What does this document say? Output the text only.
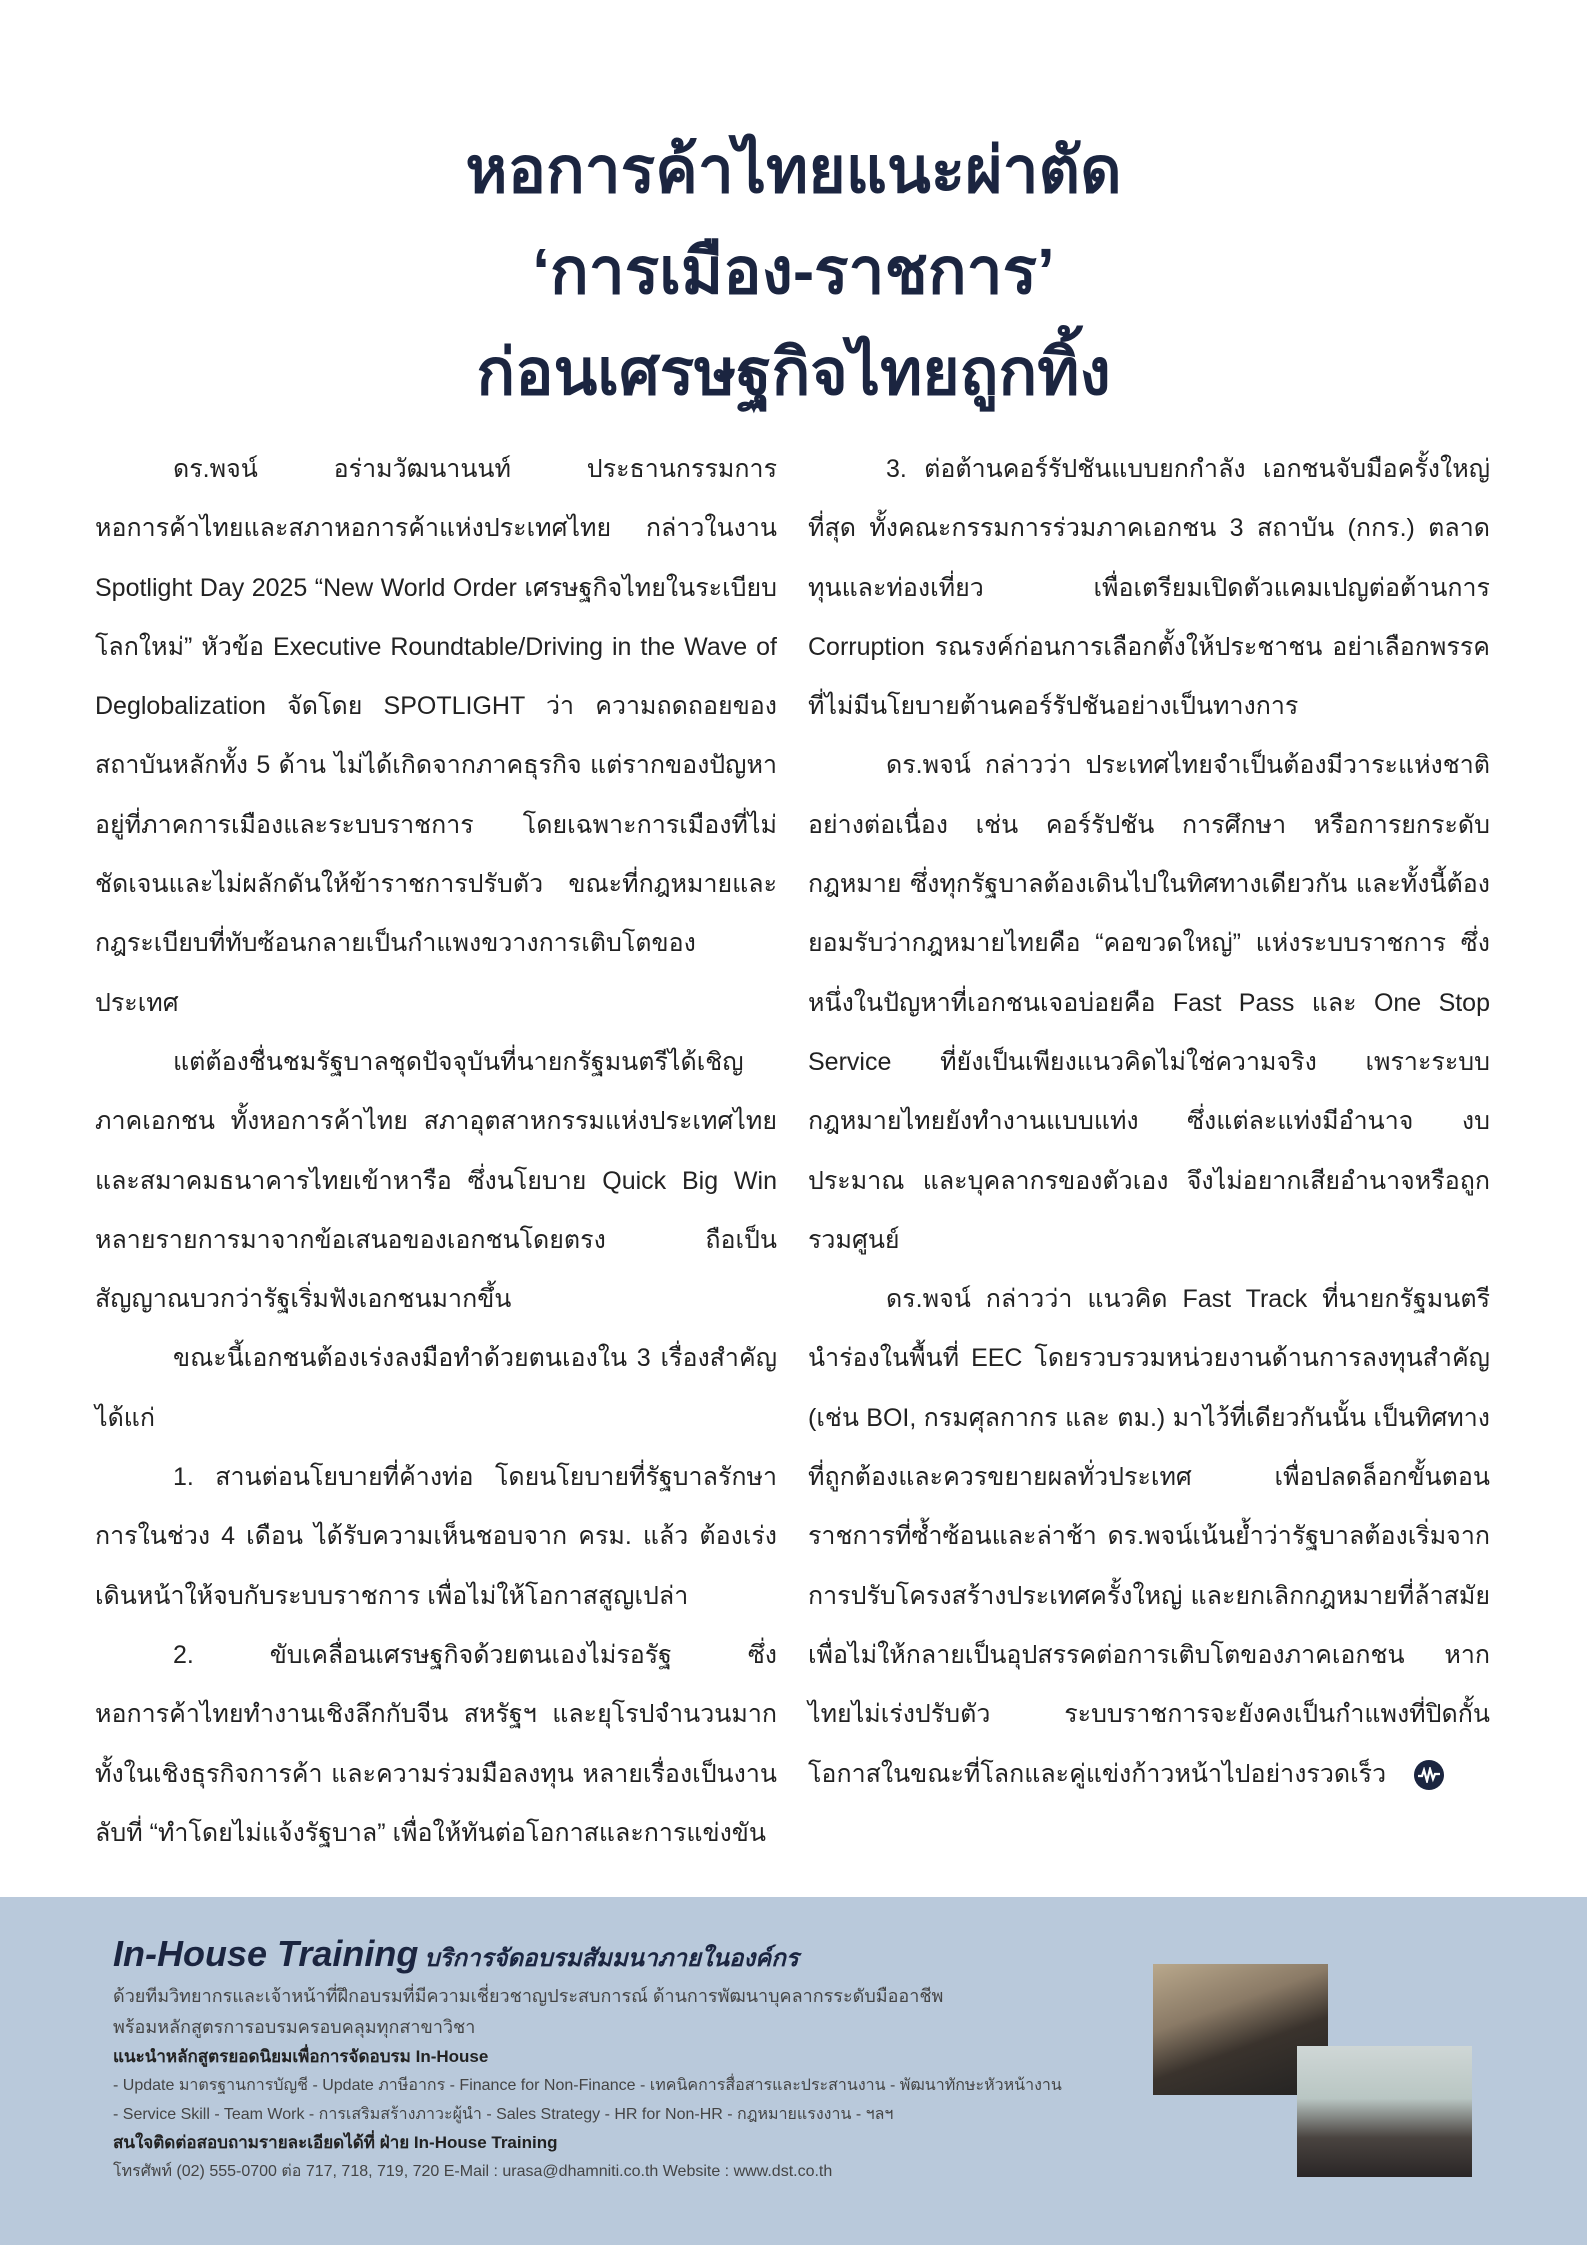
หอการค้าไทยแนะผ่าตัด
‘การเมือง-ราชการ’
ก่อนเศรษฐกิจไทยถูกทิ้ง

ดร.พจน์ อร่ามวัฒนานนท์ ประธานกรรมการหอการค้าไทยและสภาหอการค้าแห่งประเทศไทย กล่าวในงาน Spotlight Day 2025 “New World Order เศรษฐกิจไทยในระเบียบโลกใหม่” หัวข้อ Executive Roundtable/Driving in the Wave of Deglobalization จัดโดย SPOTLIGHT ว่า ความถดถอยของสถาบันหลักทั้ง 5 ด้าน ไม่ได้เกิดจากภาคธุรกิจ แต่รากของปัญหาอยู่ที่ภาคการเมืองและระบบราชการ โดยเฉพาะการเมืองที่ไม่ชัดเจนและไม่ผลักดันให้ข้าราชการปรับตัว ขณะที่กฎหมายและกฎระเบียบที่ทับซ้อนกลายเป็นกำแพงขวางการเติบโตของประเทศ

แต่ต้องชื่นชมรัฐบาลชุดปัจจุบันที่นายกรัฐมนตรีได้เชิญภาคเอกชน ทั้งหอการค้าไทย สภาอุตสาหกรรมแห่งประเทศไทย และสมาคมธนาคารไทยเข้าหารือ ซึ่งนโยบาย Quick Big Win หลายรายการมาจากข้อเสนอของเอกชนโดยตรง ถือเป็นสัญญาณบวกว่ารัฐเริ่มฟังเอกชนมากขึ้น

ขณะนี้เอกชนต้องเร่งลงมือทำด้วยตนเองใน 3 เรื่องสำคัญ ได้แก่

1. สานต่อนโยบายที่ค้างท่อ โดยนโยบายที่รัฐบาลรักษาการในช่วง 4 เดือน ได้รับความเห็นชอบจาก ครม. แล้ว ต้องเร่งเดินหน้าให้จบกับระบบราชการ เพื่อไม่ให้โอกาสสูญเปล่า

2. ขับเคลื่อนเศรษฐกิจด้วยตนเองไม่รอรัฐ ซึ่งหอการค้าไทยทำงานเชิงลึกกับจีน สหรัฐฯ และยุโรปจำนวนมาก ทั้งในเชิงธุรกิจการค้า และความร่วมมือลงทุน หลายเรื่องเป็นงานลับที่ “ทำโดยไม่แจ้งรัฐบาล” เพื่อให้ทันต่อโอกาสและการแข่งขัน

3. ต่อต้านคอร์รัปชันแบบยกกำลัง เอกชนจับมือครั้งใหญ่ที่สุด ทั้งคณะกรรมการร่วมภาคเอกชน 3 สถาบัน (กกร.) ตลาดทุนและท่องเที่ยว เพื่อเตรียมเปิดตัวแคมเปญต่อต้านการ Corruption รณรงค์ก่อนการเลือกตั้งให้ประชาชน อย่าเลือกพรรคที่ไม่มีนโยบายต้านคอร์รัปชันอย่างเป็นทางการ

ดร.พจน์ กล่าวว่า ประเทศไทยจำเป็นต้องมีวาระแห่งชาติอย่างต่อเนื่อง เช่น คอร์รัปชัน การศึกษา หรือการยกระดับกฎหมาย ซึ่งทุกรัฐบาลต้องเดินไปในทิศทางเดียวกัน และทั้งนี้ต้องยอมรับว่ากฎหมายไทยคือ “คอขวดใหญ่” แห่งระบบราชการ ซึ่งหนึ่งในปัญหาที่เอกชนเจอบ่อยคือ Fast Pass และ One Stop Service ที่ยังเป็นเพียงแนวคิดไม่ใช่ความจริง เพราะระบบกฎหมายไทยยังทำงานแบบแท่ง ซึ่งแต่ละแท่งมีอำนาจ งบประมาณ และบุคลากรของตัวเอง จึงไม่อยากเสียอำนาจหรือถูกรวมศูนย์

ดร.พจน์ กล่าวว่า แนวคิด Fast Track ที่นายกรัฐมนตรีนำร่องในพื้นที่ EEC โดยรวบรวมหน่วยงานด้านการลงทุนสำคัญ (เช่น BOI, กรมศุลกากร และ ตม.) มาไว้ที่เดียวกันนั้น เป็นทิศทางที่ถูกต้องและควรขยายผลทั่วประเทศ เพื่อปลดล็อกขั้นตอนราชการที่ซ้ำซ้อนและล่าช้า ดร.พจน์เน้นย้ำว่ารัฐบาลต้องเริ่มจากการปรับโครงสร้างประเทศครั้งใหญ่ และยกเลิกกฎหมายที่ล้าสมัยเพื่อไม่ให้กลายเป็นอุปสรรคต่อการเติบโตของภาคเอกชน หากไทยไม่เร่งปรับตัว ระบบราชการจะยังคงเป็นกำแพงที่ปิดกั้นโอกาสในขณะที่โลกและคู่แข่งก้าวหน้าไปอย่างรวดเร็ว

In-House Training บริการจัดอบรมสัมมนาภายในองค์กร
ด้วยทีมวิทยากรและเจ้าหน้าที่ฝึกอบรมที่มีความเชี่ยวชาญประสบการณ์ ด้านการพัฒนาบุคลากรระดับมืออาชีพ
พร้อมหลักสูตรการอบรมครอบคลุมทุกสาขาวิชา
แนะนำหลักสูตรยอดนิยมเพื่อการจัดอบรม In-House
- Update มาตรฐานการบัญชี - Update ภาษีอากร - Finance for Non-Finance - เทคนิคการสื่อสารและประสานงาน - พัฒนาทักษะหัวหน้างาน
- Service Skill - Team Work - การเสริมสร้างภาวะผู้นำ - Sales Strategy - HR for Non-HR - กฎหมายแรงงาน - ฯลฯ
สนใจติดต่อสอบถามรายละเอียดได้ที่ ฝ่าย In-House Training
โทรศัพท์ (02) 555-0700 ต่อ 717, 718, 719, 720 E-Mail : urasa@dhamniti.co.th Website : www.dst.co.th
